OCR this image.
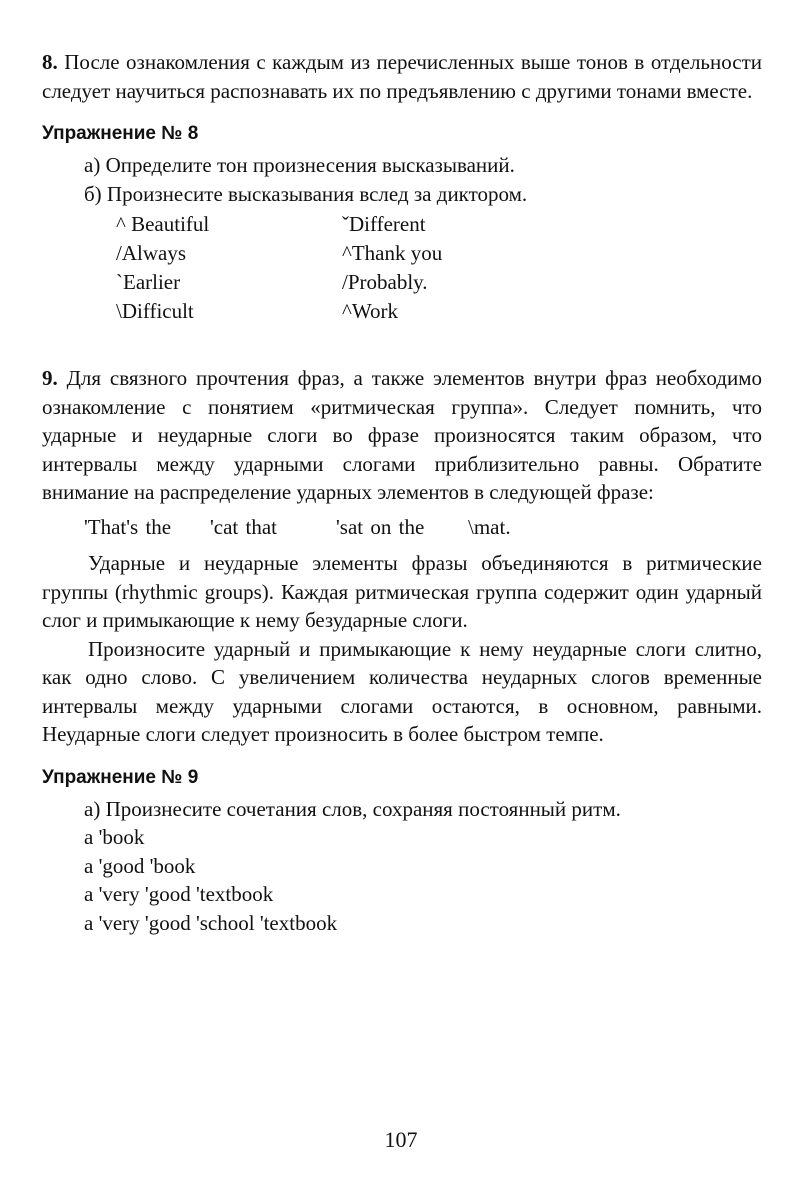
8. После ознакомления с каждым из перечисленных выше тонов в отдельности следует научиться распознавать их по предъявлению с другими тонами вместе.

Упражнение № 8

а) Определите тон произнесения высказываний.

б) Произнесите высказывания вслед за диктором.

^ Beautiful	ˇDifferent
/Always	^Thank you
`Earlier	/Probably.
\Difficult	^Work

9. Для связного прочтения фраз, а также элементов внутри фраз необходимо ознакомление с понятием «ритмическая группа». Следует помнить, что ударные и неударные слоги во фразе произносятся таким образом, что интервалы между ударными слогами приблизительно равны. Обратите внимание на распределение ударных элементов в следующей фразе:

'That's the 'cat that	'sat on the \mat.

Ударные и неударные элементы фразы объединяются в ритмические группы (rhythmic groups). Каждая ритмическая группа содержит один ударный слог и примыкающие к нему безударные слоги.

Произносите ударный и примыкающие к нему неударные слоги слитно, как одно слово. С увеличением количества неударных слогов временные интервалы между ударными слогами остаются, в основном, равными. Неударные слоги следует произносить в более быстром темпе.

Упражнение № 9

а) Произнесите сочетания слов, сохраняя постоянный ритм.

a 'book

a 'good 'book

a 'very 'good 'textbook

a 'very 'good 'school 'textbook

107
